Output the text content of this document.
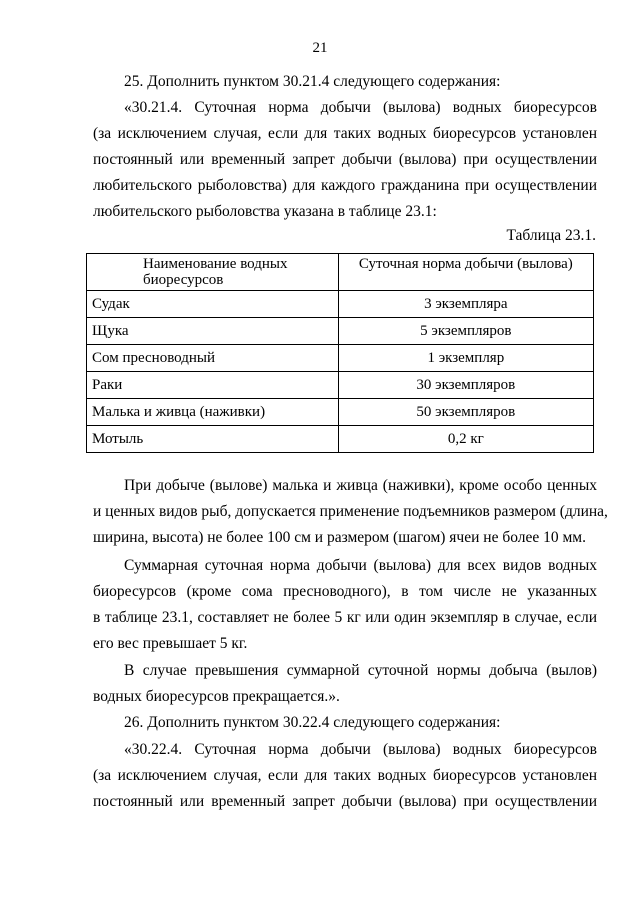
21
25. Дополнить пунктом 30.21.4 следующего содержания:
«30.21.4. Суточная норма добычи (вылова) водных биоресурсов
(за исключением случая, если для таких водных биоресурсов установлен
постоянный или временный запрет добычи (вылова) при осуществлении
любительского рыболовства) для каждого гражданина при осуществлении
любительского рыболовства указана в таблице 23.1:
Таблица 23.1.
Наименование водных биоресурсов	Суточная норма добычи (вылова)
Судак	3 экземпляра
Щука	5 экземпляров
Сом пресноводный	1 экземпляр
Раки	30 экземпляров
Малька и живца (наживки)	50 экземпляров
Мотыль	0,2 кг
При добыче (вылове) малька и живца (наживки), кроме особо ценных
и ценных видов рыб, допускается применение подъемников размером (длина,
ширина, высота) не более 100 см и размером (шагом) ячеи не более 10 мм.
Суммарная суточная норма добычи (вылова) для всех видов водных
биоресурсов (кроме сома пресноводного), в том числе не указанных
в таблице 23.1, составляет не более 5 кг или один экземпляр в случае, если
его вес превышает 5 кг.
В случае превышения суммарной суточной нормы добыча (вылов)
водных биоресурсов прекращается.».
26. Дополнить пунктом 30.22.4 следующего содержания:
«30.22.4. Суточная норма добычи (вылова) водных биоресурсов
(за исключением случая, если для таких водных биоресурсов установлен
постоянный или временный запрет добычи (вылова) при осуществлении
